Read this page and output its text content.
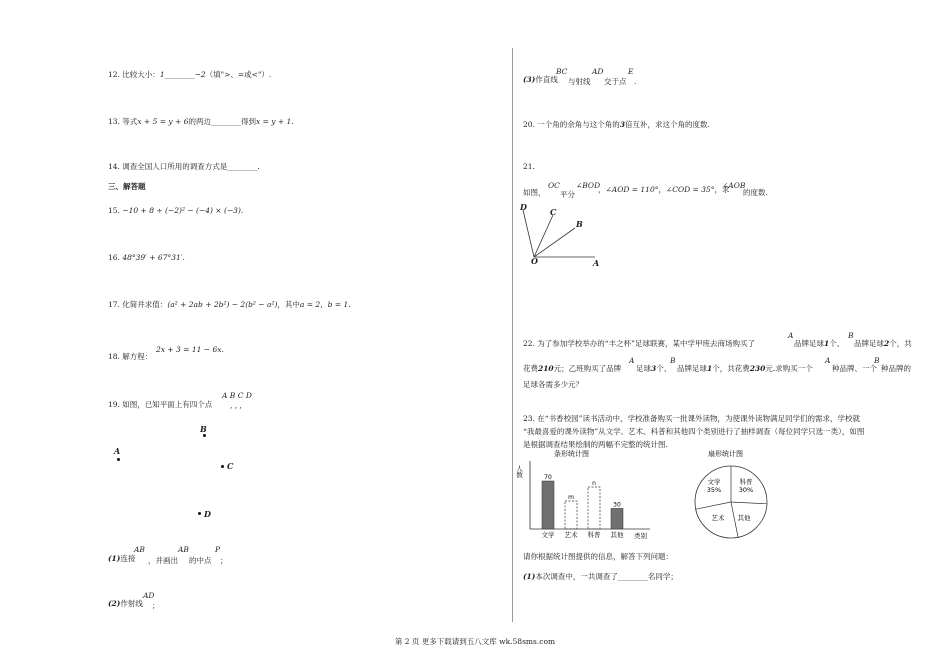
12. 比较大小：1________−2（填">、=或<"）.
13. 等式x + 5 = y + 6的两边________得到x = y + 1.
14. 调查全国人口所用的调查方式是________.
三、解答题
15. −10 + 8 ÷ (−2)² − (−4) × (−3).
16. 48°39′ + 67°31′.
17. 化简并求值：(a² + 2ab + 2b²) − 2(b² − a²)，其中a = 2，b = 1.
18. 解方程：
2x + 3 = 11 − 6x.
19. 如图，已知平面上有四个点
A B C D
, , ,
B
A
C
D
(1)连接
AB
，并画出
AB
的中点
P
；
(2)作射线
AD
；
(3)作直线
BC
与射线
AD
交于点
E
.
20. 一个角的余角与这个角的3倍互补，求这个角的度数.
21.
如图，
OC
平分
∠BOD
，∠AOD = 110°，∠COD = 35°，求
∠AOB
的度数.
D	C
B
O	A
22. 为了参加学校举办的“丰之杯”足球联赛，某中学甲班去商场购买了
A
品牌足球1个、
B
品牌足球2个，共
花费210元；乙班购买了品牌
A
足球3个、
B
品牌足球1个，共花费230元.求购买一个
A
种品牌、一个
B
种品牌的
足球各需多少元？
23. 在“书香校园”读书活动中，学校准备购买一批课外读物，为使课外读物满足同学们的需求，学校就
“我最喜爱的课外读物”从文学、艺术、科普和其他四个类别进行了抽样调查（每位同学只选一类），如图
是根据调查结果绘制的两幅不完整的统计图.
条形统计图
人数
类别
70
文学
m
艺术
n
科普
30
其他
扇形统计图
文学
35%
科普
30%
艺术 其他
请你根据统计图提供的信息，解答下列问题：
(1)本次调查中，一共调查了________名同学；
第 2 页 更多下载请到五八文库 wk.58sms.com
